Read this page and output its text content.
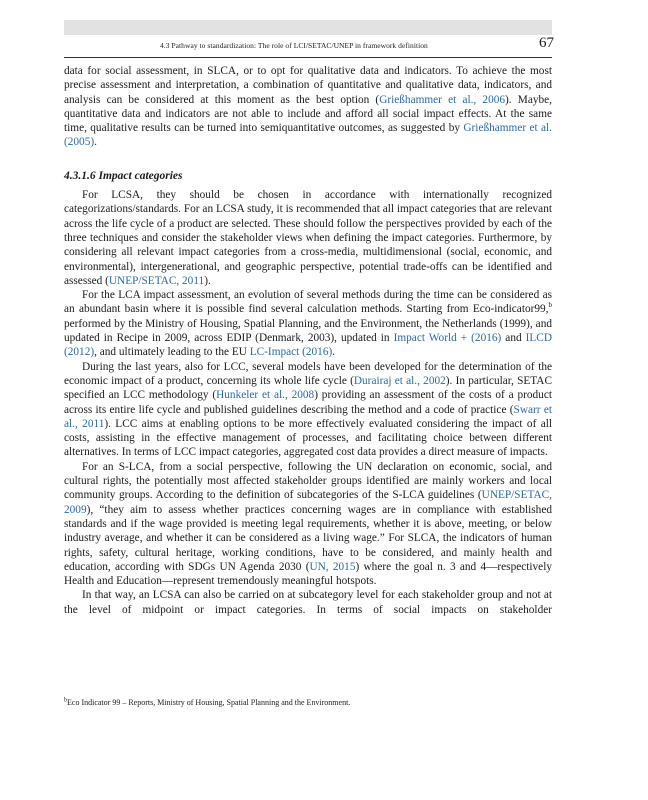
4.3 Pathway to standardization: The role of LCI/SETAC/UNEP in framework definition	67

data for social assessment, in SLCA, or to opt for qualitative data and indicators. To achieve the most precise assessment and interpretation, a combination of quantitative and qualitative data, indicators, and analysis can be considered at this moment as the best option (Grießhammer et al., 2006). Maybe, quantitative data and indicators are not able to include and afford all social impact effects. At the same time, qualitative results can be turned into semiquantitative outcomes, as suggested by Grießhammer et al. (2005).

4.3.1.6 Impact categories

For LCSA, they should be chosen in accordance with internationally recognized categorizations/standards. For an LCSA study, it is recommended that all impact categories that are relevant across the life cycle of a product are selected. These should follow the perspectives provided by each of the three techniques and consider the stakeholder views when defining the impact categories. Furthermore, by considering all relevant impact categories from a cross-media, multidimensional (social, economic, and environmental), intergenerational, and geographic perspective, potential trade-offs can be identified and assessed (UNEP/SETAC, 2011).

For the LCA impact assessment, an evolution of several methods during the time can be considered as an abundant basin where it is possible find several calculation methods. Starting from Eco-indicator99,$^b$ performed by the Ministry of Housing, Spatial Planning, and the Environment, the Netherlands (1999), and updated in Recipe in 2009, across EDIP (Denmark, 2003), updated in Impact World + (2016) and ILCD (2012), and ultimately leading to the EU LC-Impact (2016).

During the last years, also for LCC, several models have been developed for the determination of the economic impact of a product, concerning its whole life cycle (Durairaj et al., 2002). In particular, SETAC specified an LCC methodology (Hunkeler et al., 2008) providing an assessment of the costs of a product across its entire life cycle and published guidelines describing the method and a code of practice (Swarr et al., 2011). LCC aims at enabling options to be more effectively evaluated considering the impact of all costs, assisting in the effective management of processes, and facilitating choice between different alternatives. In terms of LCC impact categories, aggregated cost data provides a direct measure of impacts.

For an S-LCA, from a social perspective, following the UN declaration on economic, social, and cultural rights, the potentially most affected stakeholder groups identified are mainly workers and local community groups. According to the definition of subcategories of the S-LCA guidelines (UNEP/SETAC, 2009), “they aim to assess whether practices concerning wages are in compliance with established standards and if the wage provided is meeting legal requirements, whether it is above, meeting, or below industry average, and whether it can be considered as a living wage.” For SLCA, the indicators of human rights, safety, cultural heritage, working conditions, have to be considered, and mainly health and education, according with SDGs UN Agenda 2030 (UN, 2015) where the goal n. 3 and 4—respectively Health and Education—represent tremendously meaningful hotspots.

In that way, an LCSA can also be carried on at subcategory level for each stakeholder group and not at the level of midpoint or impact categories. In terms of social impacts on stakeholder

$^b$Eco Indicator 99 – Reports, Ministry of Housing, Spatial Planning and the Environment.
